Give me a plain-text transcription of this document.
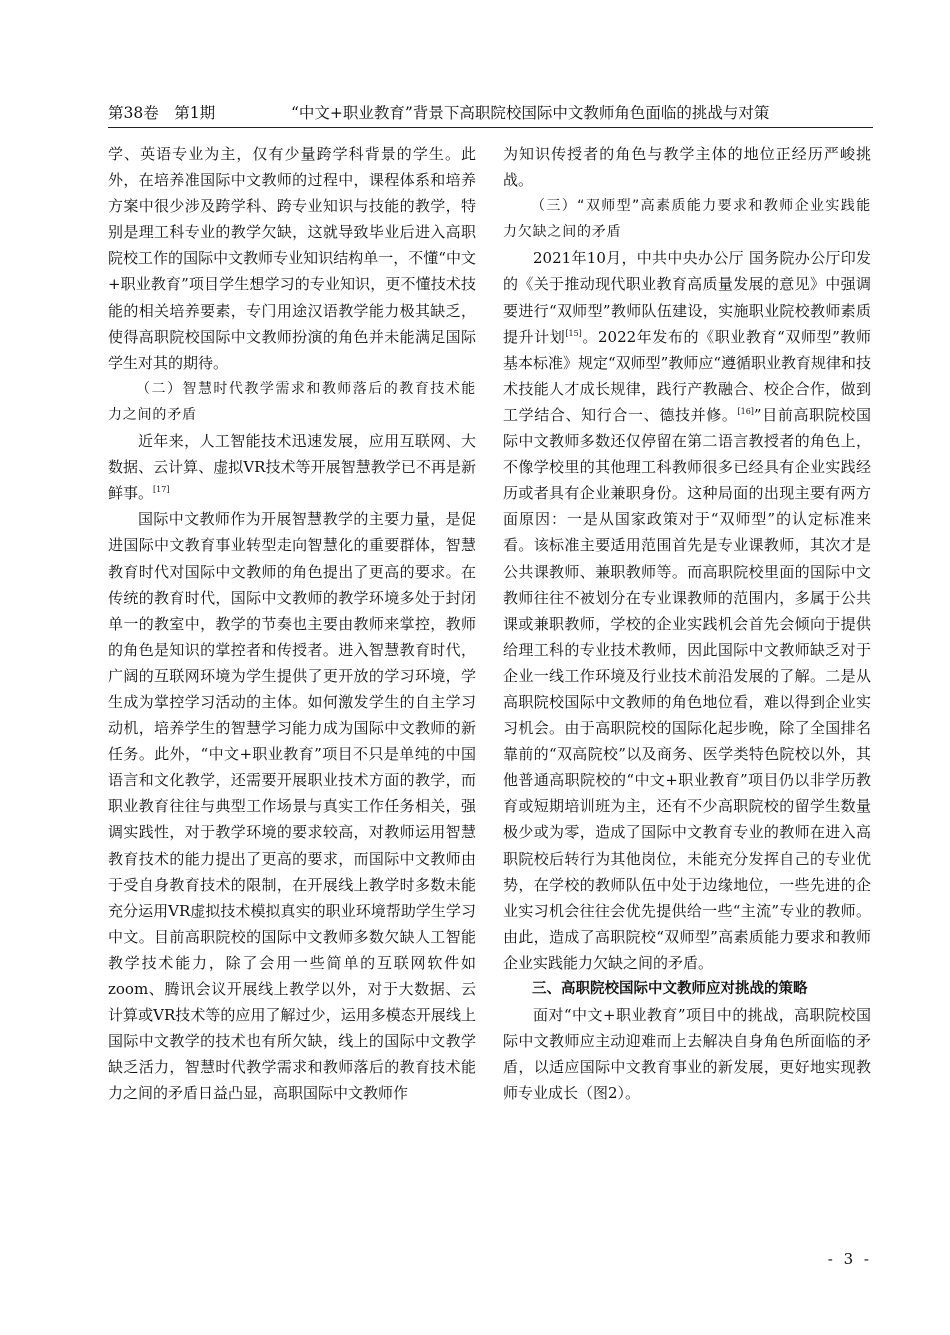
第38卷　第1期	“中文+职业教育”背景下高职院校国际中文教师角色面临的挑战与对策

学、英语专业为主，仅有少量跨学科背景的学生。此外，在培养准国际中文教师的过程中，课程体系和培养方案中很少涉及跨学科、跨专业知识与技能的教学，特别是理工科专业的教学欠缺，这就导致毕业后进入高职院校工作的国际中文教师专业知识结构单一，不懂“中文+职业教育”项目学生想学习的专业知识，更不懂技术技能的相关培养要素，专门用途汉语教学能力极其缺乏，使得高职院校国际中文教师扮演的角色并未能满足国际学生对其的期待。

（二）智慧时代教学需求和教师落后的教育技术能力之间的矛盾

近年来，人工智能技术迅速发展，应用互联网、大数据、云计算、虚拟VR技术等开展智慧教学已不再是新鲜事。[17]

国际中文教师作为开展智慧教学的主要力量，是促进国际中文教育事业转型走向智慧化的重要群体，智慧教育时代对国际中文教师的角色提出了更高的要求。在传统的教育时代，国际中文教师的教学环境多处于封闭单一的教室中，教学的节奏也主要由教师来掌控，教师的角色是知识的掌控者和传授者。进入智慧教育时代，广阔的互联网环境为学生提供了更开放的学习环境，学生成为掌控学习活动的主体。如何激发学生的自主学习动机，培养学生的智慧学习能力成为国际中文教师的新任务。此外，“中文+职业教育”项目不只是单纯的中国语言和文化教学，还需要开展职业技术方面的教学，而职业教育往往与典型工作场景与真实工作任务相关，强调实践性，对于教学环境的要求较高，对教师运用智慧教育技术的能力提出了更高的要求，而国际中文教师由于受自身教育技术的限制，在开展线上教学时多数未能充分运用VR虚拟技术模拟真实的职业环境帮助学生学习中文。目前高职院校的国际中文教师多数欠缺人工智能教学技术能力，除了会用一些简单的互联网软件如zoom、腾讯会议开展线上教学以外，对于大数据、云计算或VR技术等的应用了解过少，运用多模态开展线上国际中文教学的技术也有所欠缺，线上的国际中文教学缺乏活力，智慧时代教学需求和教师落后的教育技术能力之间的矛盾日益凸显，高职国际中文教师作

为知识传授者的角色与教学主体的地位正经历严峻挑战。

（三）“双师型”高素质能力要求和教师企业实践能力欠缺之间的矛盾

2021年10月，中共中央办公厅 国务院办公厅印发的《关于推动现代职业教育高质量发展的意见》中强调要进行“双师型”教师队伍建设，实施职业院校教师素质提升计划[15]。2022年发布的《职业教育“双师型”教师基本标准》规定“双师型”教师应“遵循职业教育规律和技术技能人才成长规律，践行产教融合、校企合作，做到工学结合、知行合一、德技并修。[16]”目前高职院校国际中文教师多数还仅停留在第二语言教授者的角色上，不像学校里的其他理工科教师很多已经具有企业实践经历或者具有企业兼职身份。这种局面的出现主要有两方面原因：一是从国家政策对于“双师型”的认定标准来看。该标准主要适用范围首先是专业课教师，其次才是公共课教师、兼职教师等。而高职院校里面的国际中文教师往往不被划分在专业课教师的范围内，多属于公共课或兼职教师，学校的企业实践机会首先会倾向于提供给理工科的专业技术教师，因此国际中文教师缺乏对于企业一线工作环境及行业技术前沿发展的了解。二是从高职院校国际中文教师的角色地位看，难以得到企业实习机会。由于高职院校的国际化起步晚，除了全国排名靠前的“双高院校”以及商务、医学类特色院校以外，其他普通高职院校的“中文+职业教育”项目仍以非学历教育或短期培训班为主，还有不少高职院校的留学生数量极少或为零，造成了国际中文教育专业的教师在进入高职院校后转行为其他岗位，未能充分发挥自己的专业优势，在学校的教师队伍中处于边缘地位，一些先进的企业实习机会往往会优先提供给一些“主流”专业的教师。由此，造成了高职院校“双师型”高素质能力要求和教师企业实践能力欠缺之间的矛盾。

三、高职院校国际中文教师应对挑战的策略

面对“中文+职业教育”项目中的挑战，高职院校国际中文教师应主动迎难而上去解决自身角色所面临的矛盾，以适应国际中文教育事业的新发展，更好地实现教师专业成长（图2）。

- 3 -
